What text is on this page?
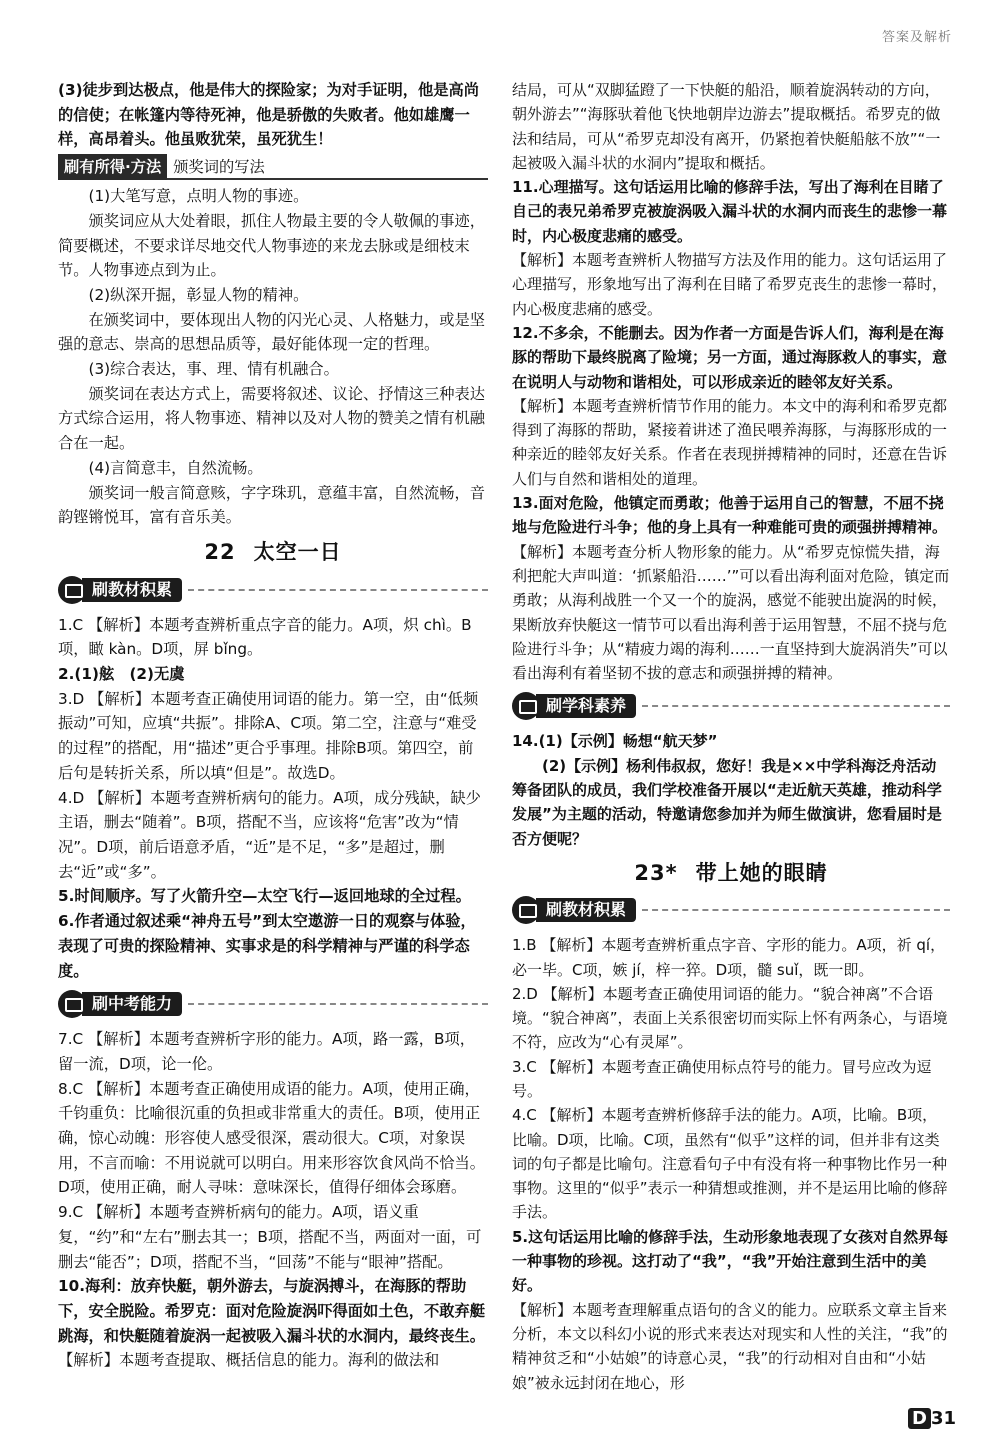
答案及解析

(3)徒步到达极点，他是伟大的探险家；为对手证明，他是高尚的信使；在帐篷内等待死神，他是骄傲的失败者。他如雄鹰一样，高昂着头。他虽败犹荣，虽死犹生！

刷有所得·方法 颁奖词的写法

(1)大笔写意，点明人物的事迹。

颁奖词应从大处着眼，抓住人物最主要的令人敬佩的事迹，简要概述，不要求详尽地交代人物事迹的来龙去脉或是细枝末节。人物事迹点到为止。

(2)纵深开掘，彰显人物的精神。

在颁奖词中，要体现出人物的闪光心灵、人格魅力，或是坚强的意志、崇高的思想品质等，最好能体现一定的哲理。

(3)综合表达，事、理、情有机融合。

颁奖词在表达方式上，需要将叙述、议论、抒情这三种表达方式综合运用，将人物事迹、精神以及对人物的赞美之情有机融合在一起。

(4)言简意丰，自然流畅。

颁奖词一般言简意赅，字字珠玑，意蕴丰富，自然流畅，音韵铿锵悦耳，富有音乐美。

22 太空一日
刷教材积累

1.C 【解析】本题考查辨析重点字音的能力。A项，炽 chì。B项，瞰 kàn。D项，屏 bǐng。

2.(1)舷　(2)无虞

3.D 【解析】本题考查正确使用词语的能力。第一空，由“低频振动”可知，应填“共振”。排除A、C项。第二空，注意与“难受的过程”的搭配，用“描述”更合乎事理。排除B项。第四空，前后句是转折关系，所以填“但是”。故选D。

4.D 【解析】本题考查辨析病句的能力。A项，成分残缺，缺少主语，删去“随着”。B项，搭配不当，应该将“危害”改为“情况”。D项，前后语意矛盾，“近”是不足，“多”是超过，删去“近”或“多”。

5.时间顺序。写了火箭升空—太空飞行—返回地球的全过程。

6.作者通过叙述乘“神舟五号”到太空遨游一日的观察与体验，表现了可贵的探险精神、实事求是的科学精神与严谨的科学态度。

刷中考能力

7.C 【解析】本题考查辨析字形的能力。A项，路一露，B项，留一流，D项，论一伦。

8.C 【解析】本题考查正确使用成语的能力。A项，使用正确，千钧重负：比喻很沉重的负担或非常重大的责任。B项，使用正确，惊心动魄：形容使人感受很深，震动很大。C项，对象误用，不言而喻：不用说就可以明白。用来形容饮食风尚不恰当。D项，使用正确，耐人寻味：意味深长，值得仔细体会琢磨。

9.C 【解析】本题考查辨析病句的能力。A项，语义重复，“约”和“左右”删去其一；B项，搭配不当，两面对一面，可删去“能否”；D项，搭配不当，“回荡”不能与“眼神”搭配。

10.海利：放弃快艇，朝外游去，与旋涡搏斗，在海豚的帮助下，安全脱险。希罗克：面对危险旋涡吓得面如土色，不敢弃艇跳海，和快艇随着旋涡一起被吸入漏斗状的水洞内，最终丧生。

【解析】本题考查提取、概括信息的能力。海利的做法和

结局，可从“双脚猛蹬了一下快艇的船沿，顺着旋涡转动的方向，朝外游去”“海豚驮着他飞快地朝岸边游去”提取概括。希罗克的做法和结局，可从“希罗克却没有离开，仍紧抱着快艇船舷不放”“一起被吸入漏斗状的水洞内”提取和概括。

11.心理描写。这句话运用比喻的修辞手法，写出了海利在目睹了自己的表兄弟希罗克被旋涡吸入漏斗状的水洞内而丧生的悲惨一幕时，内心极度悲痛的感受。

【解析】本题考查辨析人物描写方法及作用的能力。这句话运用了心理描写，形象地写出了海利在目睹了希罗克丧生的悲惨一幕时，内心极度悲痛的感受。

12.不多余，不能删去。因为作者一方面是告诉人们，海利是在海豚的帮助下最终脱离了险境；另一方面，通过海豚救人的事实，意在说明人与动物和谐相处，可以形成亲近的睦邻友好关系。

【解析】本题考查辨析情节作用的能力。本文中的海利和希罗克都得到了海豚的帮助，紧接着讲述了渔民喂养海豚，与海豚形成的一种亲近的睦邻友好关系。作者在表现拼搏精神的同时，还意在告诉人们与自然和谐相处的道理。

13.面对危险，他镇定而勇敢；他善于运用自己的智慧，不屈不挠地与危险进行斗争；他的身上具有一种难能可贵的顽强拼搏精神。

【解析】本题考查分析人物形象的能力。从“希罗克惊慌失措，海利把舵大声叫道：‘抓紧船沿……’”可以看出海利面对危险，镇定而勇敢；从海利战胜一个又一个的旋涡，感觉不能驶出旋涡的时候，果断放弃快艇这一情节可以看出海利善于运用智慧，不屈不挠与危险进行斗争；从“精疲力竭的海利……一直坚持到大旋涡消失”可以看出海利有着坚韧不拔的意志和顽强拼搏的精神。

刷学科素养

14.(1)【示例】畅想“航天梦”

(2)【示例】杨利伟叔叔，您好！我是××中学科海泛舟活动筹备团队的成员，我们学校准备开展以“走近航天英雄，推动科学发展”为主题的活动，特邀请您参加并为师生做演讲，您看届时是否方便呢？

23* 带上她的眼睛
刷教材积累

1.B 【解析】本题考查辨析重点字音、字形的能力。A项，祈 qí，必一毕。C项，嫉 jí，梓一猝。D项，髓 suǐ，既一即。

2.D 【解析】本题考查正确使用词语的能力。“貌合神离”不合语境。“貌合神离”，表面上关系很密切而实际上怀有两条心，与语境不符，应改为“心有灵犀”。

3.C 【解析】本题考查正确使用标点符号的能力。冒号应改为逗号。

4.C 【解析】本题考查辨析修辞手法的能力。A项，比喻。B项，比喻。D项，比喻。C项，虽然有“似乎”这样的词，但并非有这类词的句子都是比喻句。注意看句子中有没有将一种事物比作另一种事物。这里的“似乎”表示一种猜想或推测，并不是运用比喻的修辞手法。

5.这句话运用比喻的修辞手法，生动形象地表现了女孩对自然界每一种事物的珍视。这打动了“我”，“我”开始注意到生活中的美好。

【解析】本题考查理解重点语句的含义的能力。应联系文章主旨来分析，本文以科幻小说的形式来表达对现实和人性的关注，“我”的精神贫乏和“小姑娘”的诗意心灵，“我”的行动相对自由和“小姑娘”被永远封闭在地心，形

D 31
